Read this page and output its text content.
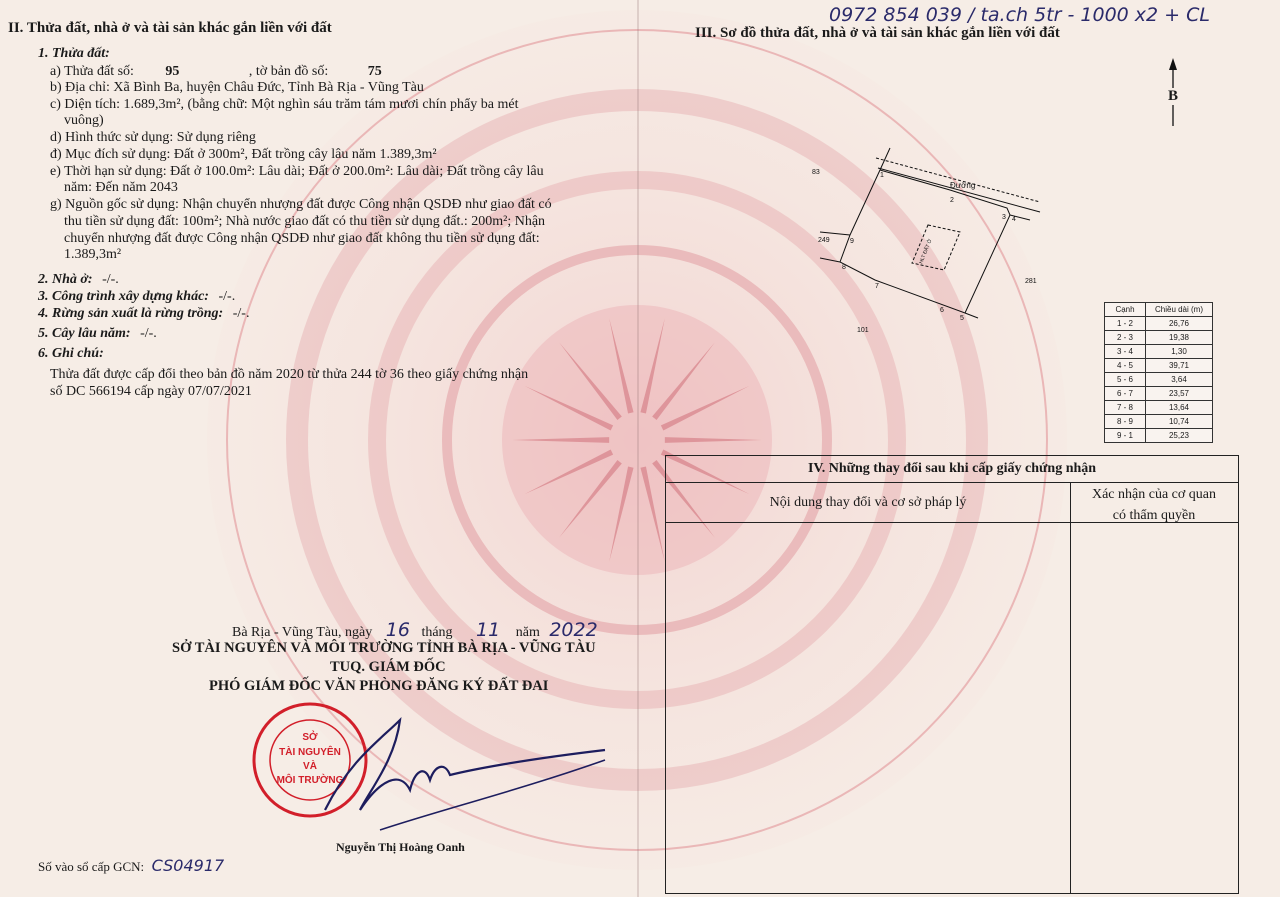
II. Thửa đất, nhà ở và tài sản khác gắn liền với đất
1. Thửa đất:
a) Thửa đất số: 95	, tờ bản đồ số:	75
b) Địa chỉ: Xã Bình Ba, huyện Châu Đức, Tỉnh Bà Rịa - Vũng Tàu
c) Diện tích: 1.689,3m², (bằng chữ: Một nghìn sáu trăm tám mươi chín phẩy ba mét
vuông)
d) Hình thức sử dụng: Sử dụng riêng
đ) Mục đích sử dụng: Đất ở 300m², Đất trồng cây lâu năm 1.389,3m²
e) Thời hạn sử dụng: Đất ở 100.0m²: Lâu dài; Đất ở 200.0m²: Lâu dài; Đất trồng cây lâu
năm: Đến năm 2043
g) Nguồn gốc sử dụng: Nhận chuyển nhượng đất được Công nhận QSDĐ như giao đất có
thu tiền sử dụng đất: 100m²; Nhà nước giao đất có thu tiền sử dụng đất.: 200m²; Nhận
chuyển nhượng đất được Công nhận QSDĐ như giao đất không thu tiền sử dụng đất:
1.389,3m²
2. Nhà ở: -/-.
3. Công trình xây dựng khác: -/-.
4. Rừng sản xuất là rừng trồng: -/-.
5. Cây lâu năm: -/-.
6. Ghi chú:
Thửa đất được cấp đổi theo bản đồ năm 2020 từ thửa 244 tờ 36 theo giấy chứng nhận
số DC 566194 cấp ngày 07/07/2021
Bà Rịa - Vũng Tàu, ngày 16 tháng 11 năm 2022
SỞ TÀI NGUYÊN VÀ MÔI TRƯỜNG TỈNH BÀ RỊA - VŨNG TÀU
TUQ. GIÁM ĐỐC
PHÓ GIÁM ĐỐC VĂN PHÒNG ĐĂNG KÝ ĐẤT ĐAI
Nguyễn Thị Hoàng Oanh
Số vào sổ cấp GCN: CS04917
SỞ
TÀI NGUYÊN
VÀ
MÔI TRƯỜNG
III. Sơ đồ thửa đất, nhà ở và tài sản khác gắn liền với đất
0972 854 039 / ta.ch 5tr - 1000 x2 + CL
B
Đường
83
249
281
101
1
2
3 4
5
6
7
8
9	HLT ĐẤT Ở
Cạnh	Chiều dài (m)
1 - 2	26,76
2 - 3	19,38
3 - 4	1,30
4 - 5	39,71
5 - 6	3,64
6 - 7	23,57
7 - 8	13,64
8 - 9	10,74
9 - 1	25,23
IV. Những thay đổi sau khi cấp giấy chứng nhận
Nội dung thay đổi và cơ sở pháp lý
Xác nhận của cơ quan
có thẩm quyền
